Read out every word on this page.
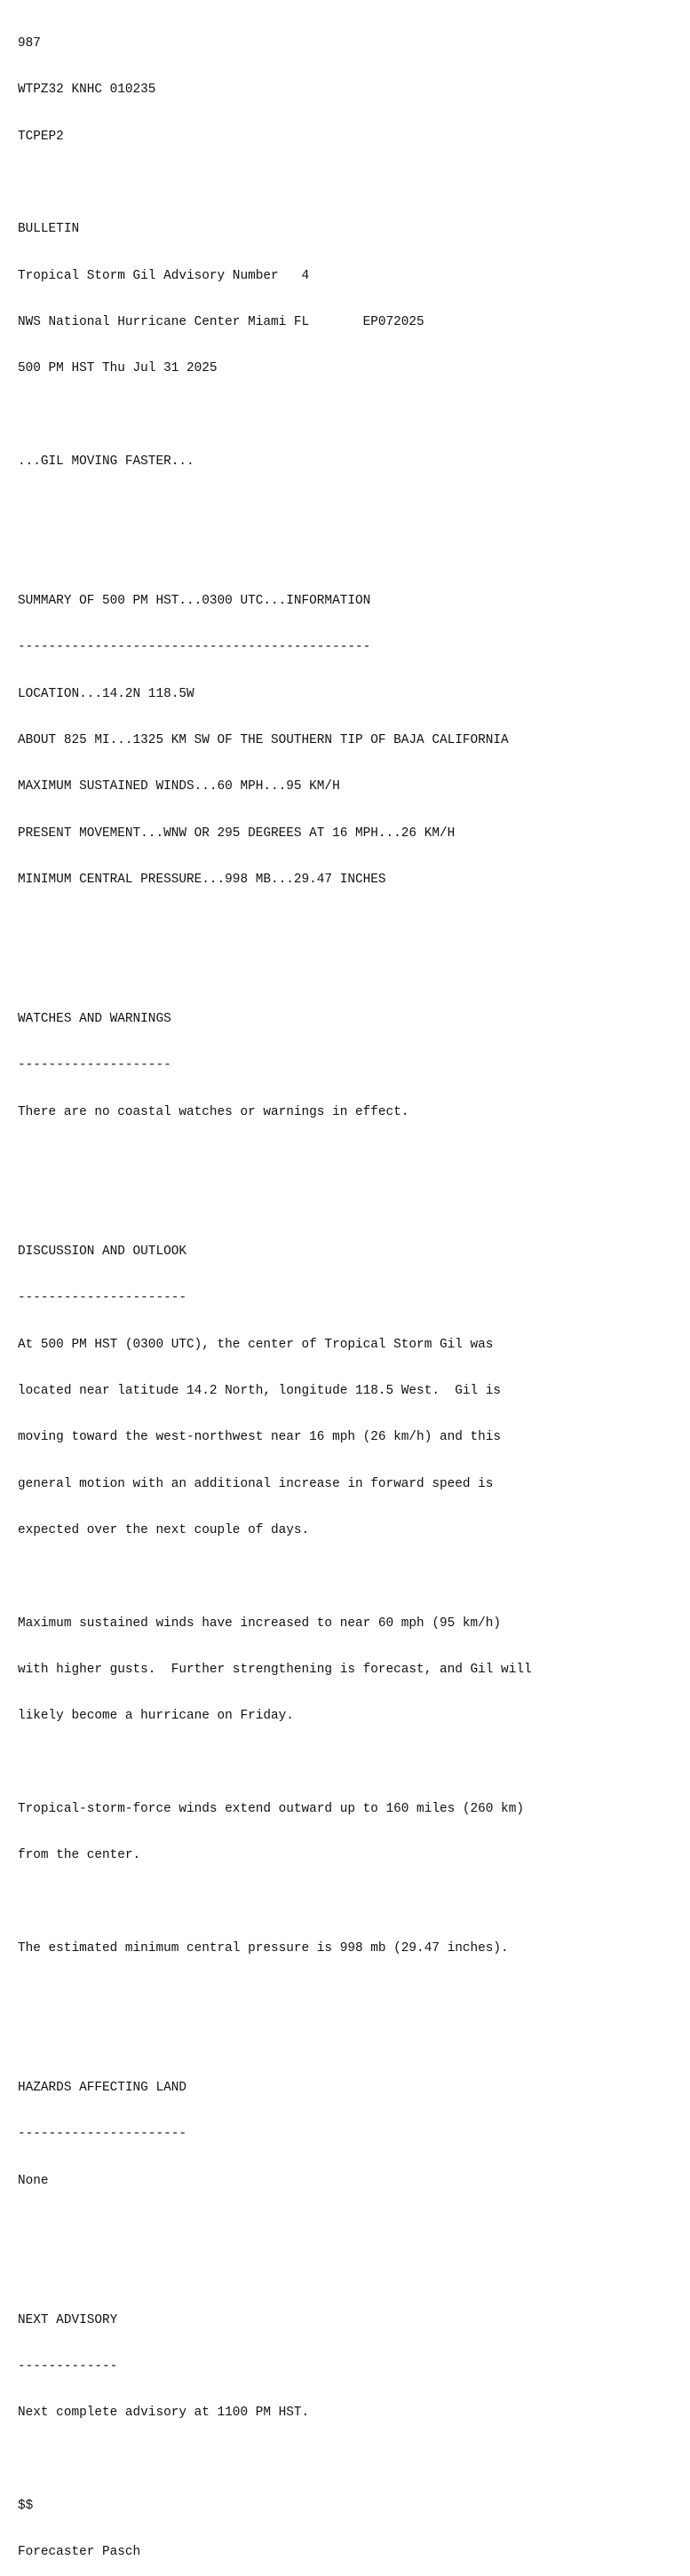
987

WTPZ32 KNHC 010235

TCPEP2

BULLETIN

Tropical Storm Gil Advisory Number   4

NWS National Hurricane Center Miami FL       EP072025

500 PM HST Thu Jul 31 2025

...GIL MOVING FASTER...

SUMMARY OF 500 PM HST...0300 UTC...INFORMATION

----------------------------------------------

LOCATION...14.2N 118.5W

ABOUT 825 MI...1325 KM SW OF THE SOUTHERN TIP OF BAJA CALIFORNIA

MAXIMUM SUSTAINED WINDS...60 MPH...95 KM/H

PRESENT MOVEMENT...WNW OR 295 DEGREES AT 16 MPH...26 KM/H

MINIMUM CENTRAL PRESSURE...998 MB...29.47 INCHES

WATCHES AND WARNINGS

--------------------

There are no coastal watches or warnings in effect.

DISCUSSION AND OUTLOOK

----------------------

At 500 PM HST (0300 UTC), the center of Tropical Storm Gil was

located near latitude 14.2 North, longitude 118.5 West.  Gil is

moving toward the west-northwest near 16 mph (26 km/h) and this

general motion with an additional increase in forward speed is

expected over the next couple of days.

Maximum sustained winds have increased to near 60 mph (95 km/h)

with higher gusts.  Further strengthening is forecast, and Gil will

likely become a hurricane on Friday.

Tropical-storm-force winds extend outward up to 160 miles (260 km)

from the center.

The estimated minimum central pressure is 998 mb (29.47 inches).

HAZARDS AFFECTING LAND

----------------------

None

NEXT ADVISORY

-------------

Next complete advisory at 1100 PM HST.

$$

Forecaster Pasch
